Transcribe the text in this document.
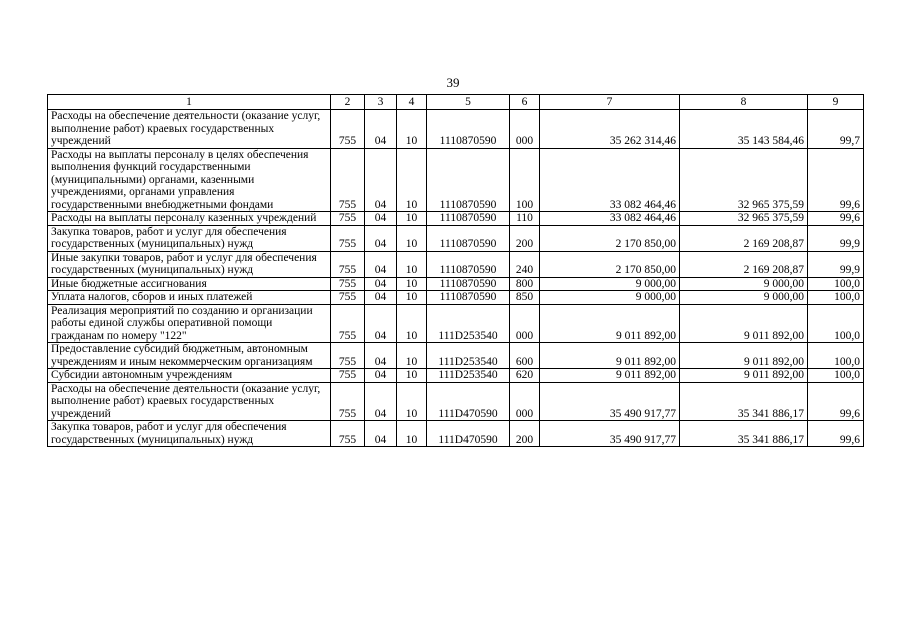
39
1	2	3	4	5	6	7	8	9
Расходы на обеспечение деятельности (оказание услуг, выполнение работ) краевых государственных учреждений	755	04	10	1110870590	000	35 262 314,46	35 143 584,46	99,7
Расходы на выплаты персоналу в целях обеспечения выполнения функций государственными (муниципальными) органами, казенными учреждениями, органами управления государственными внебюджетными фондами	755	04	10	1110870590	100	33 082 464,46	32 965 375,59	99,6
Расходы на выплаты персоналу казенных учреждений	755	04	10	1110870590	110	33 082 464,46	32 965 375,59	99,6
Закупка товаров, работ и услуг для обеспечения государственных (муниципальных) нужд	755	04	10	1110870590	200	2 170 850,00	2 169 208,87	99,9
Иные закупки товаров, работ и услуг для обеспечения государственных (муниципальных) нужд	755	04	10	1110870590	240	2 170 850,00	2 169 208,87	99,9
Иные бюджетные ассигнования	755	04	10	1110870590	800	9 000,00	9 000,00	100,0
Уплата налогов, сборов и иных платежей	755	04	10	1110870590	850	9 000,00	9 000,00	100,0
Реализация мероприятий по созданию и организации работы единой службы оперативной помощи гражданам по номеру "122"	755	04	10	111D253540	000	9 011 892,00	9 011 892,00	100,0
Предоставление субсидий бюджетным, автономным учреждениям и иным некоммерческим организациям	755	04	10	111D253540	600	9 011 892,00	9 011 892,00	100,0
Субсидии автономным учреждениям	755	04	10	111D253540	620	9 011 892,00	9 011 892,00	100,0
Расходы на обеспечение деятельности (оказание услуг, выполнение работ) краевых государственных учреждений	755	04	10	111D470590	000	35 490 917,77	35 341 886,17	99,6
Закупка товаров, работ и услуг для обеспечения государственных (муниципальных) нужд	755	04	10	111D470590	200	35 490 917,77	35 341 886,17	99,6
